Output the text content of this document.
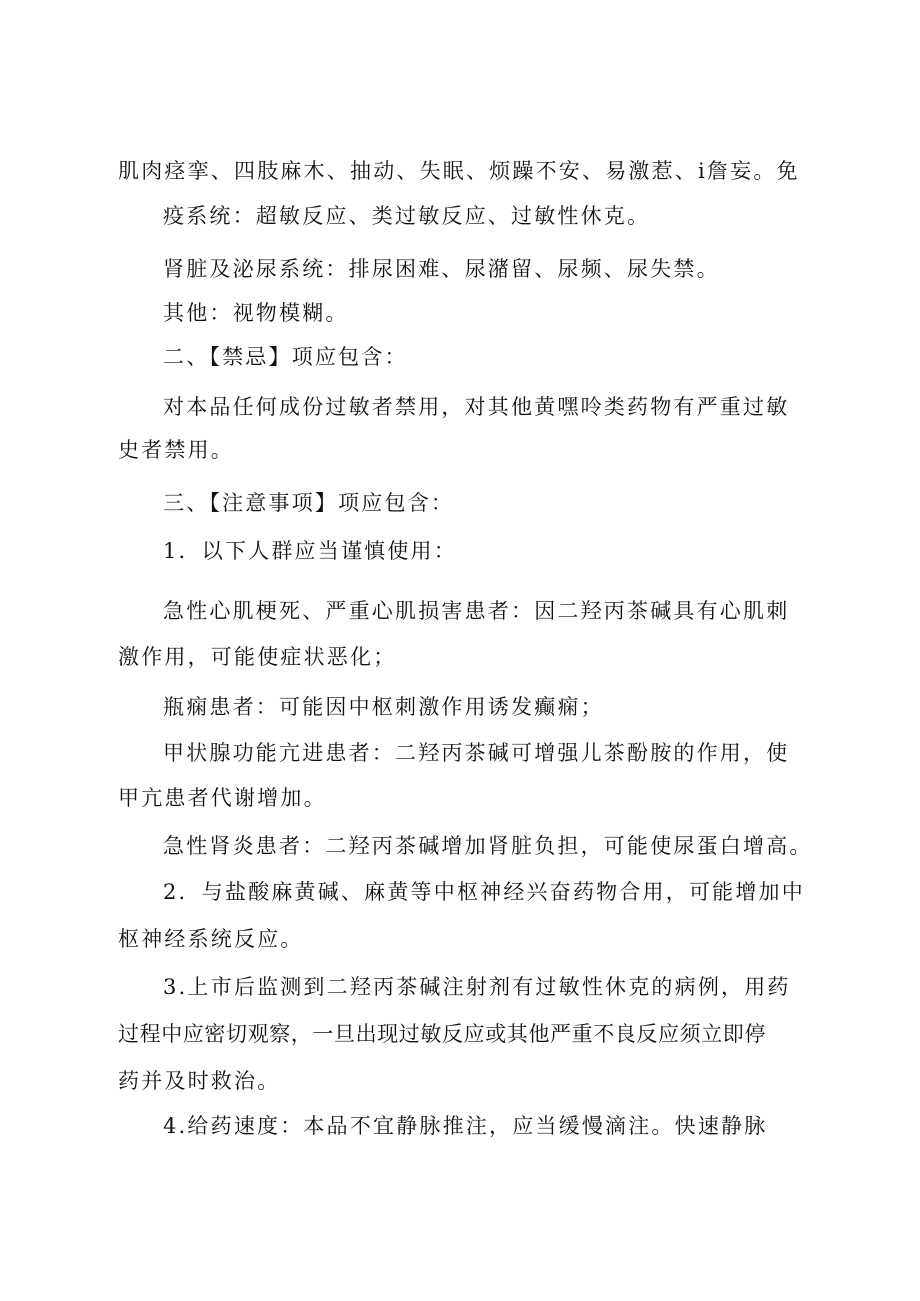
肌肉痉挛、四肢麻木、抽动、失眠、烦躁不安、易激惹、i詹妄。免
疫系统：超敏反应、类过敏反应、过敏性休克。
肾脏及泌尿系统：排尿困难、尿潴留、尿频、尿失禁。
其他：视物模糊。
二、【禁忌】项应包含：
对本品任何成份过敏者禁用，对其他黄嘿呤类药物有严重过敏
史者禁用。
三、【注意事项】项应包含：
1．以下人群应当谨慎使用：
急性心肌梗死、严重心肌损害患者：因二羟丙茶碱具有心肌刺
激作用，可能使症状恶化；
瓶痫患者：可能因中枢刺激作用诱发癫痫；
甲状腺功能亢进患者：二羟丙茶碱可增强儿茶酚胺的作用，使
甲亢患者代谢增加。
急性肾炎患者：二羟丙茶碱增加肾脏负担，可能使尿蛋白增高。
2．与盐酸麻黄碱、麻黄等中枢神经兴奋药物合用，可能增加中
枢神经系统反应。
3.上市后监测到二羟丙茶碱注射剂有过敏性休克的病例，用药
过程中应密切观察，一旦出现过敏反应或其他严重不良反应须立即停
药并及时救治。
4.给药速度：本品不宜静脉推注，应当缓慢滴注。快速静脉
